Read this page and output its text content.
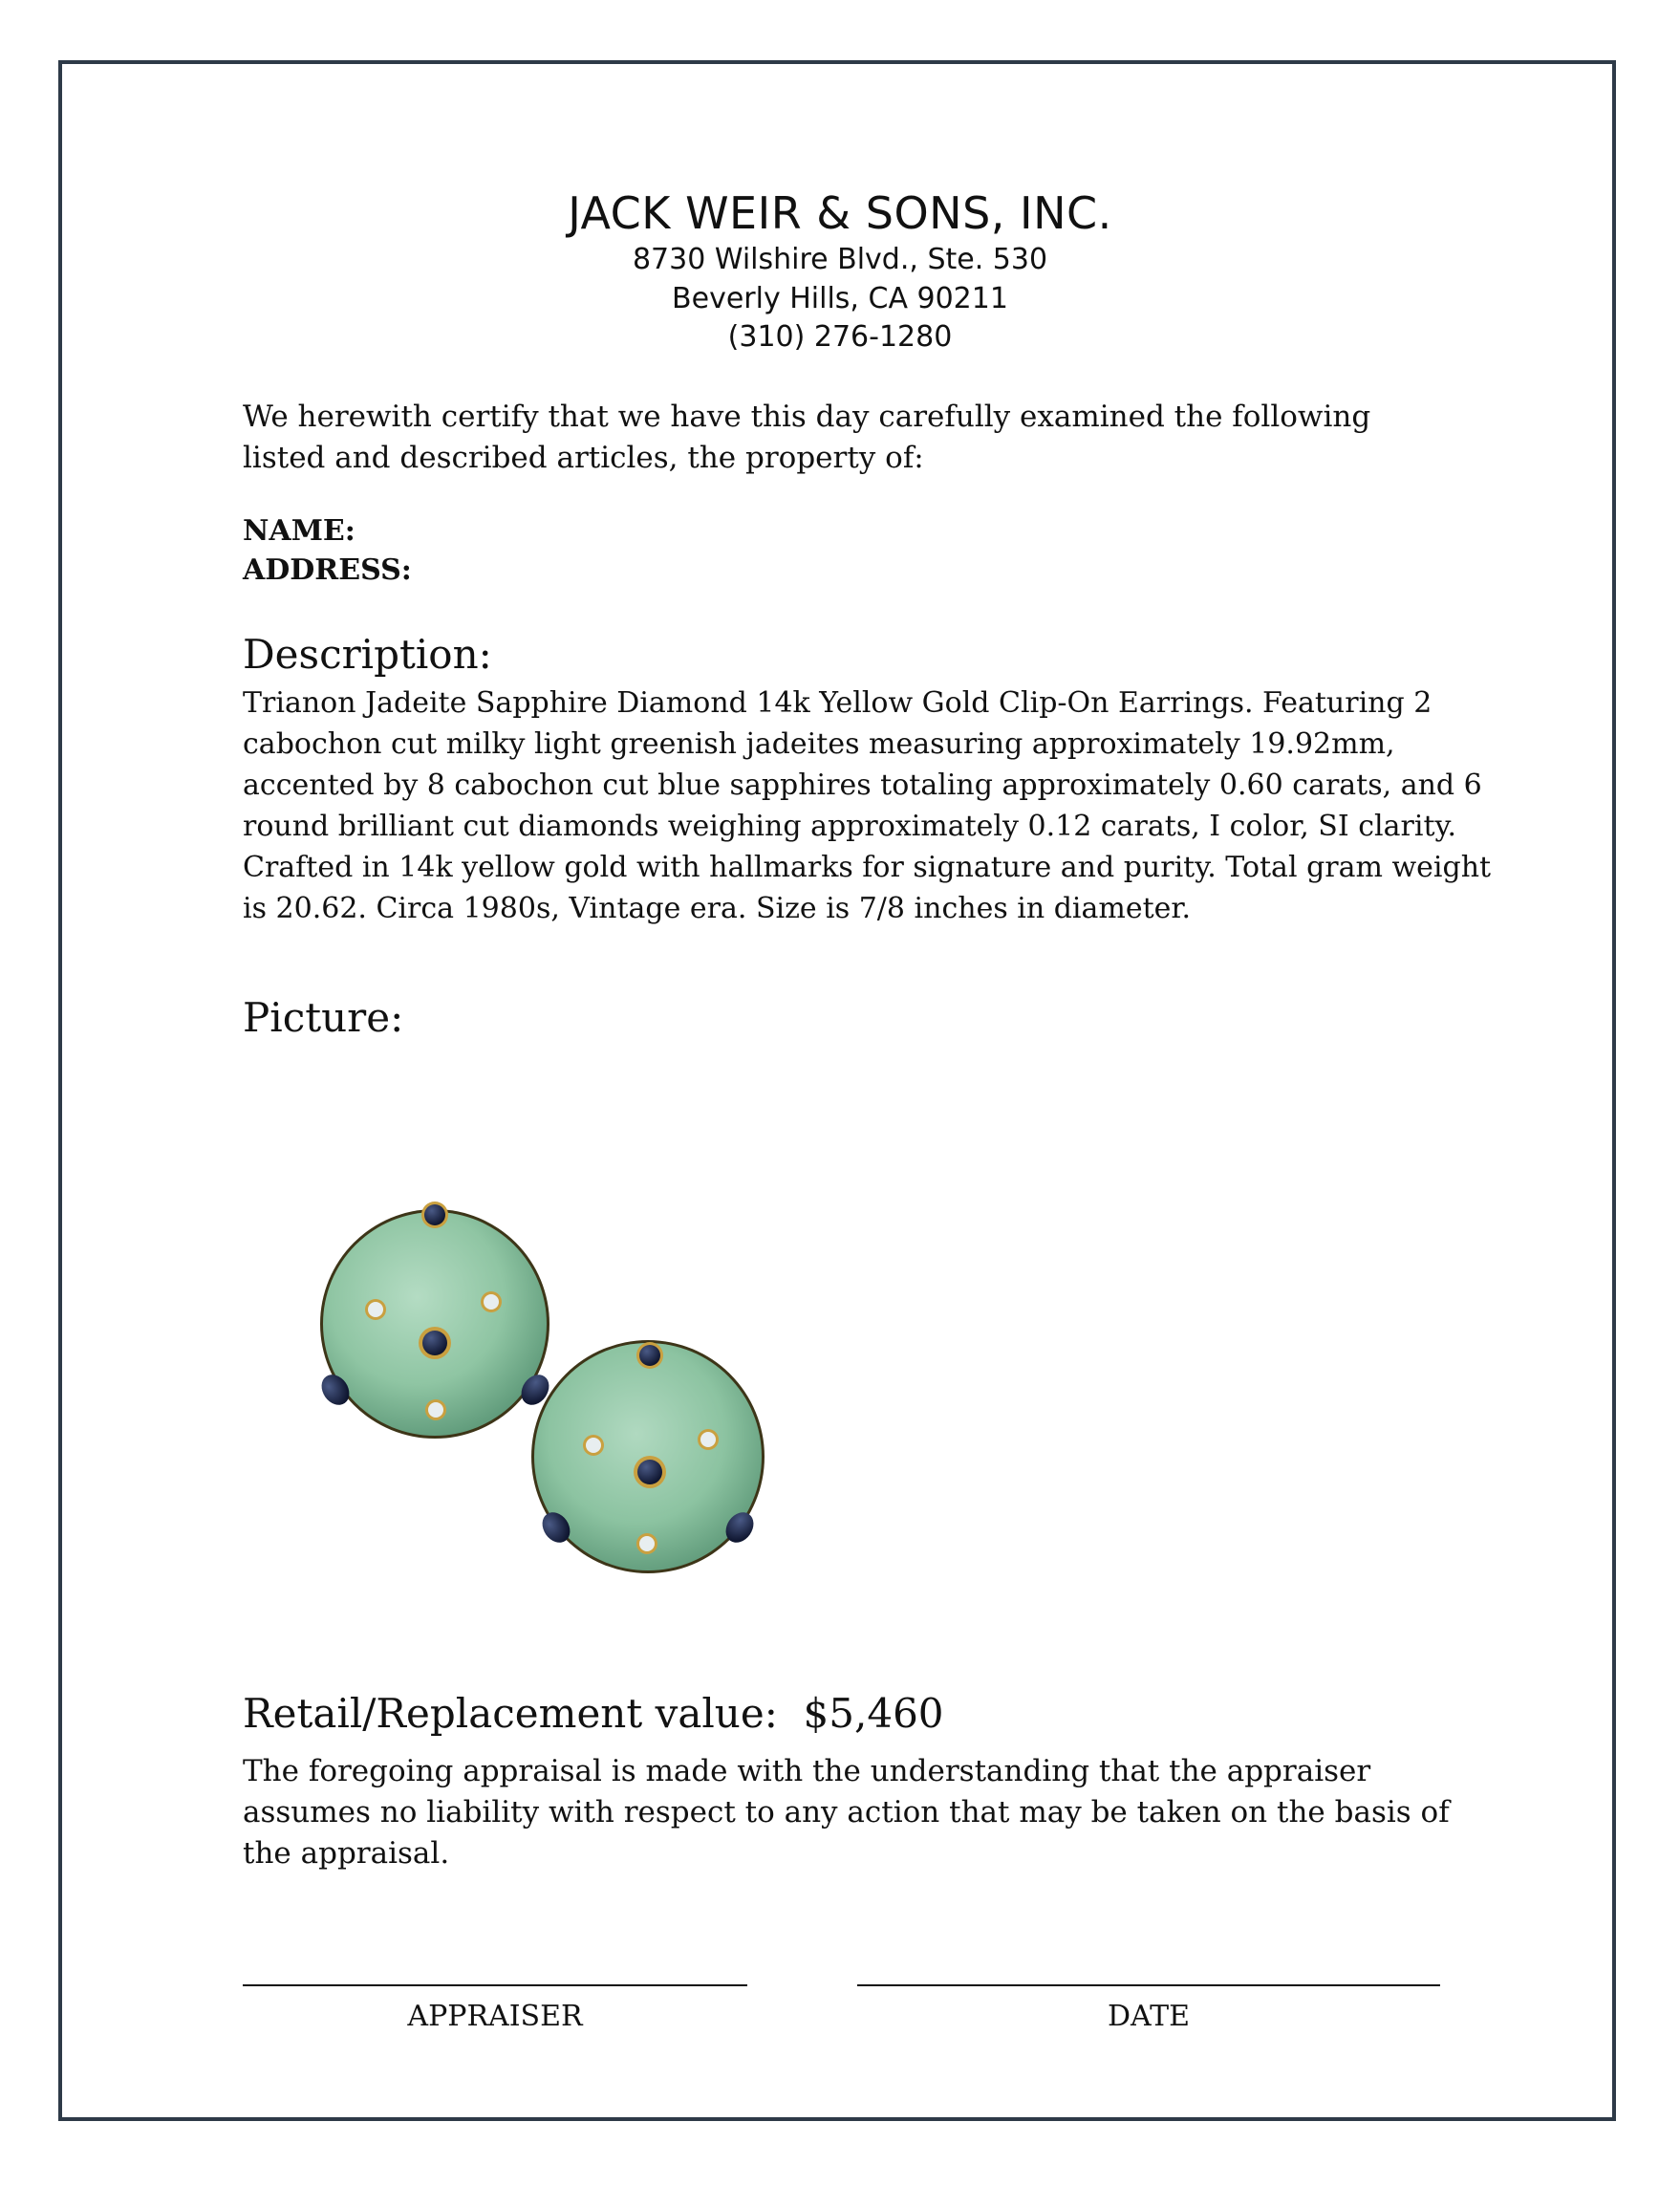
JACK WEIR & SONS, INC.
8730 Wilshire Blvd., Ste. 530
Beverly Hills, CA 90211
(310) 276-1280
We herewith certify that we have this day carefully examined the following listed and described articles, the property of:
NAME:
ADDRESS:
Description:
Trianon Jadeite Sapphire Diamond 14k Yellow Gold Clip-On Earrings. Featuring 2
cabochon cut milky light greenish jadeites measuring approximately 19.92mm,
accented by 8 cabochon cut blue sapphires totaling approximately 0.60 carats, and 6
round brilliant cut diamonds weighing approximately 0.12 carats, I color, SI clarity.
Crafted in 14k yellow gold with hallmarks for signature and purity. Total gram weight
is 20.62. Circa 1980s, Vintage era. Size is 7/8 inches in diameter.
Picture:
Retail/Replacement value: $5,460
The foregoing appraisal is made with the understanding that the appraiser assumes no liability with respect to any action that may be taken on the basis of the appraisal.
APPRAISER	DATE
